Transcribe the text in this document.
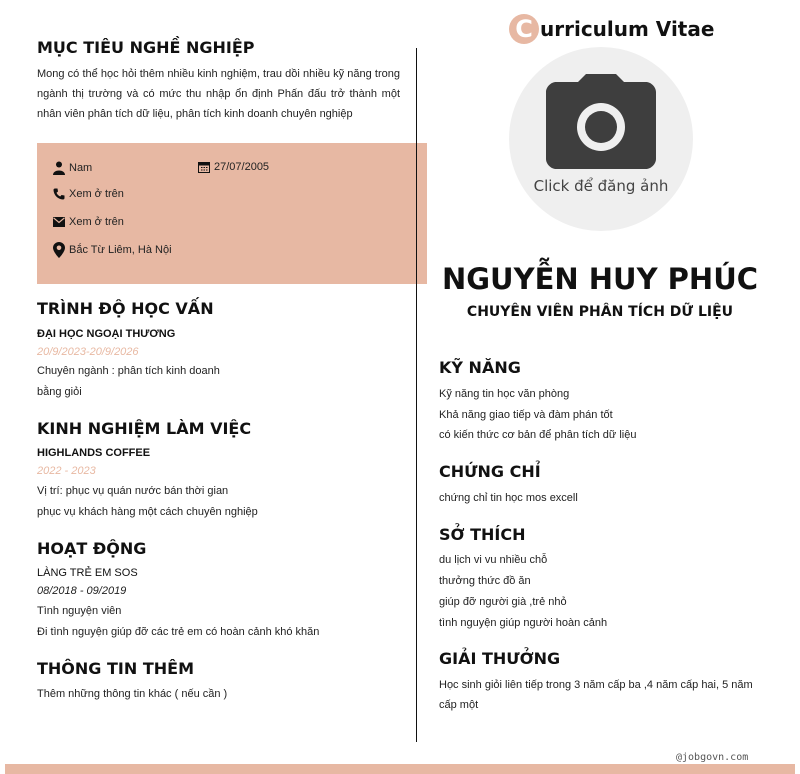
MỤC TIÊU NGHỀ NGHIỆP
Mong có thể học hỏi thêm nhiều kinh nghiệm, trau dồi nhiều kỹ năng trong ngành thị trường và có mức thu nhập ổn định Phấn đấu trở thành một nhân viên phân tích dữ liệu, phân tích kinh doanh chuyên nghiệp
Nam	27/07/2005
Xem ở trên
Xem ở trên
Bắc Từ Liêm, Hà Nội
TRÌNH ĐỘ HỌC VẤN
ĐẠI HỌC NGOẠI THƯƠNG
20/9/2023-20/9/2026
Chuyên ngành : phân tích kinh doanh
bằng giỏi
KINH NGHIỆM LÀM VIỆC
HIGHLANDS COFFEE
2022 - 2023
Vị trí: phục vụ quán nước bán thời gian
phục vụ khách hàng một cách chuyên nghiệp
HOẠT ĐỘNG
LÀNG TRẺ EM SOS
08/2018 - 09/2019
Tình nguyện viên
Đi tình nguyện giúp đỡ các trẻ em có hoàn cảnh khó khăn
THÔNG TIN THÊM
Thêm những thông tin khác ( nếu cần )
C urriculum Vitae
Click để đăng ảnh
NGUYỄN HUY PHÚC
CHUYÊN VIÊN PHÂN TÍCH DỮ LIỆU
KỸ NĂNG
Kỹ năng tin học văn phòng
Khả năng giao tiếp và đàm phán tốt
có kiến thức cơ bản để phân tích dữ liệu
CHỨNG CHỈ
chứng chỉ tin học mos excell
SỞ THÍCH
du lịch vi vu nhiều chỗ
thưởng thức đồ ăn
giúp đỡ người già ,trẻ nhỏ
tình nguyện giúp người hoàn cảnh
GIẢI THƯỞNG
Học sinh giỏi liên tiếp trong 3 năm cấp ba ,4 năm cấp hai, 5 năm cấp một
@jobgovn.com
